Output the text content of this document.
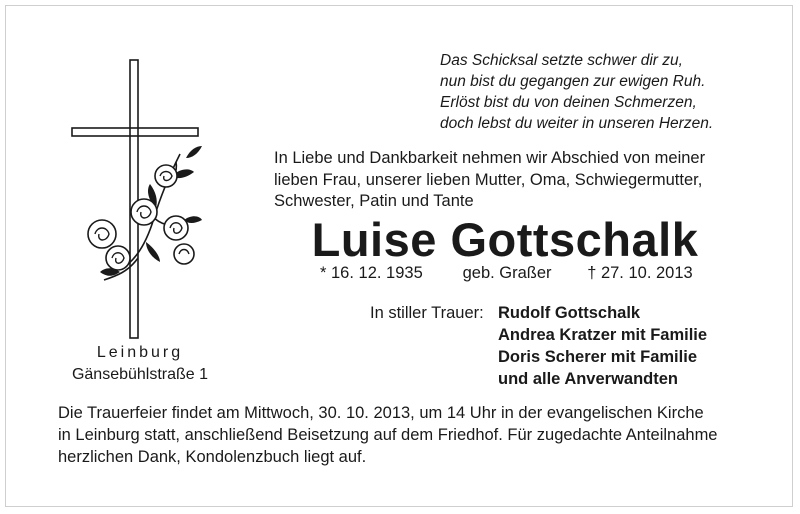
Das Schicksal setzte schwer dir zu,
nun bist du gegangen zur ewigen Ruh.
Erlöst bist du von deinen Schmerzen,
doch lebst du weiter in unseren Herzen.
Leinburg
Gänsebühlstraße 1
In Liebe und Dankbarkeit nehmen wir Abschied von meiner
lieben Frau, unserer lieben Mutter, Oma, Schwiegermutter,
Schwester, Patin und Tante
Luise Gottschalk
* 16. 12. 1935 geb. Graßer † 27. 10. 2013
In stiller Trauer: Rudolf Gottschalk
Andrea Kratzer mit Familie
Doris Scherer mit Familie
und alle Anverwandten
Die Trauerfeier findet am Mittwoch, 30. 10. 2013, um 14 Uhr in der evangelischen Kirche
in Leinburg statt, anschließend Beisetzung auf dem Friedhof. Für zugedachte Anteilnahme
herzlichen Dank, Kondolenzbuch liegt auf.
